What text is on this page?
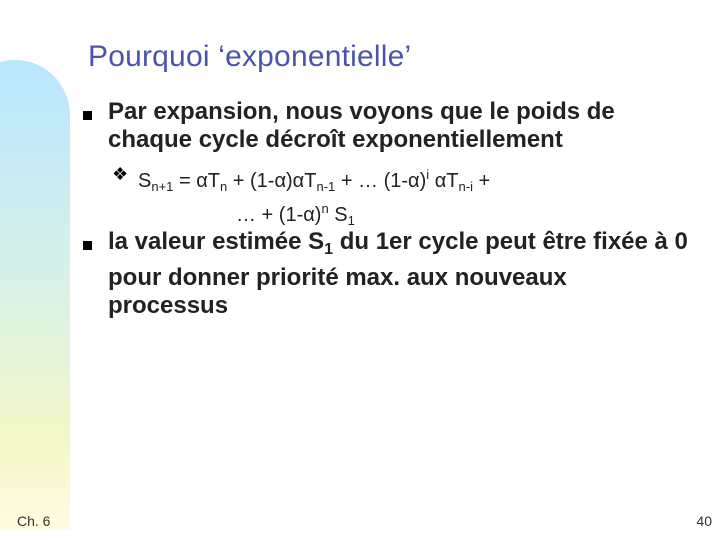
Pourquoi ‘exponentielle’
Par expansion, nous voyons que le poids de chaque cycle décroît exponentiellement
❖ $S_{n+1} = \alpha T_n + (1-\alpha)\alpha T_{n-1}$ + … $(1-\alpha)^i$ $\alpha T_{n-i}$ +
… + $(1-\alpha)^n$ $S_1$
la valeur estimée $S_1$ du 1er cycle peut être fixée à 0 pour donner priorité max. aux nouveaux processus
Ch. 6	40
